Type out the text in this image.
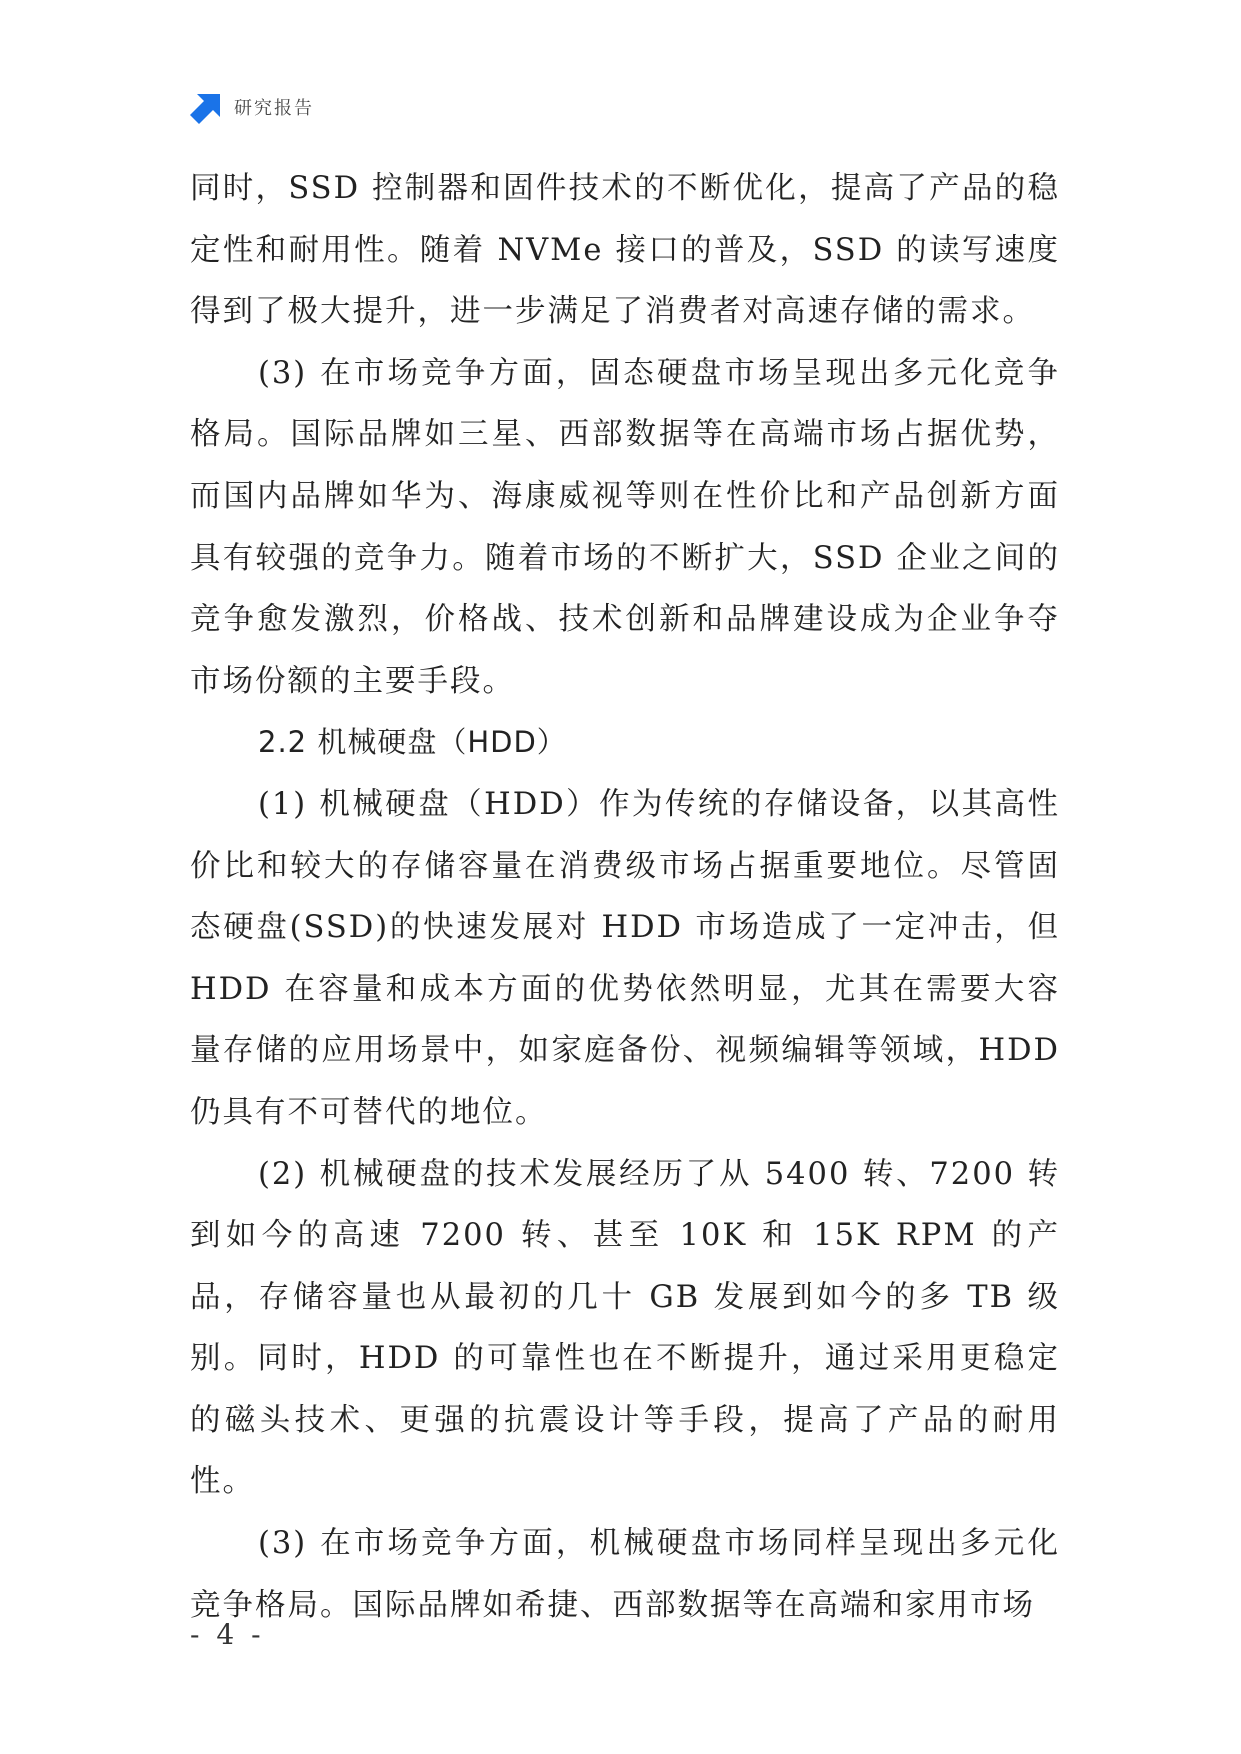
研究报告

同时，SSD 控制器和固件技术的不断优化，提高了产品的稳定性和耐用性。随着 NVMe 接口的普及，SSD 的读写速度得到了极大提升，进一步满足了消费者对高速存储的需求。

(3) 在市场竞争方面，固态硬盘市场呈现出多元化竞争格局。国际品牌如三星、西部数据等在高端市场占据优势，而国内品牌如华为、海康威视等则在性价比和产品创新方面具有较强的竞争力。随着市场的不断扩大，SSD 企业之间的竞争愈发激烈，价格战、技术创新和品牌建设成为企业争夺市场份额的主要手段。

2.2 机械硬盘（HDD）

(1) 机械硬盘（HDD）作为传统的存储设备，以其高性价比和较大的存储容量在消费级市场占据重要地位。尽管固态硬盘(SSD)的快速发展对 HDD 市场造成了一定冲击，但 HDD 在容量和成本方面的优势依然明显，尤其在需要大容量存储的应用场景中，如家庭备份、视频编辑等领域，HDD 仍具有不可替代的地位。

(2) 机械硬盘的技术发展经历了从 5400 转、7200 转到如今的高速 7200 转、甚至 10K 和 15K RPM 的产品，存储容量也从最初的几十 GB 发展到如今的多 TB 级别。同时，HDD 的可靠性也在不断提升，通过采用更稳定的磁头技术、更强的抗震设计等手段，提高了产品的耐用性。

(3) 在市场竞争方面，机械硬盘市场同样呈现出多元化竞争格局。国际品牌如希捷、西部数据等在高端和家用市场

- 4 -
